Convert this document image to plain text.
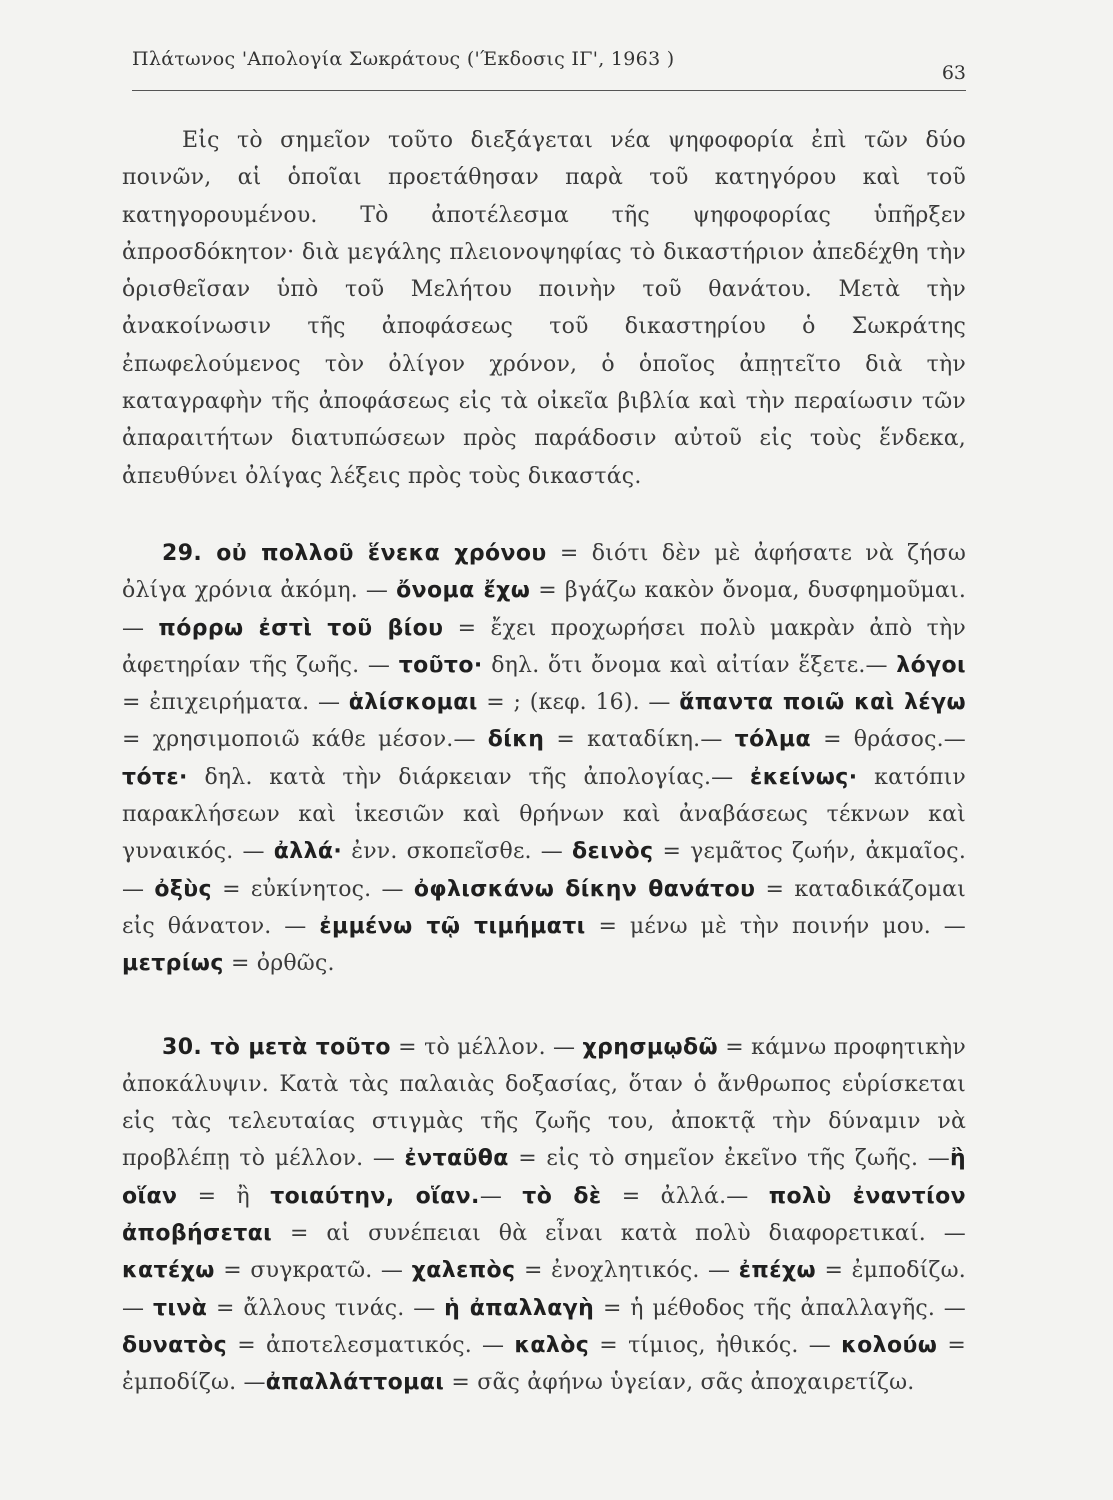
Πλάτωνος 'Απολογία Σωκράτους ('Έκδοσις ΙΓ', 1963 )
63

Εἰς τὸ σημεῖον τοῦτο διεξάγεται νέα ψηφοφορία ἐπὶ τῶν δύο ποινῶν, αἱ ὁποῖαι προετάθησαν παρὰ τοῦ κατηγόρου καὶ τοῦ κατηγορουμένου. Τὸ ἀποτέλεσμα τῆς ψηφοφορίας ὑπῆρξεν ἀπροσδόκητον· διὰ μεγάλης πλειονοψηφίας τὸ δικαστήριον ἀπεδέχθη τὴν ὁρισθεῖσαν ὑπὸ τοῦ Μελήτου ποινὴν τοῦ θανάτου. Μετὰ τὴν ἀνακοίνωσιν τῆς ἀποφάσεως τοῦ δικαστηρίου ὁ Σωκράτης ἐπωφελούμενος τὸν ὀλίγον χρόνον, ὁ ὁποῖος ἀπῃτεῖτο διὰ τὴν καταγραφὴν τῆς ἀποφάσεως εἰς τὰ οἰκεῖα βιβλία καὶ τὴν περαίωσιν τῶν ἀπαραιτήτων διατυπώσεων πρὸς παράδοσιν αὐτοῦ εἰς τοὺς ἕνδεκα, ἀπευθύνει ὀλίγας λέξεις πρὸς τοὺς δικαστάς.

29. οὐ πολλοῦ ἕνεκα χρόνου = διότι δὲν μὲ ἀφήσατε νὰ ζήσω ὀλίγα χρόνια ἀκόμη. — ὄνομα ἔχω = βγάζω κακὸν ὄνομα, δυσφημοῦμαι. — πόρρω ἐστὶ τοῦ βίου = ἔχει προχωρήσει πολὺ μακρὰν ἀπὸ τὴν ἀφετηρίαν τῆς ζωῆς. — τοῦτο· δηλ. ὅτι ὄνομα καὶ αἰτίαν ἕξετε.— λόγοι = ἐπιχειρήματα. — ἁλίσκομαι = ; (κεφ. 16). — ἅπαντα ποιῶ καὶ λέγω = χρησιμοποιῶ κάθε μέσον.— δίκη = καταδίκη.— τόλμα = θράσος.— τότε· δηλ. κατὰ τὴν διάρκειαν τῆς ἀπολογίας.— ἐκείνως· κατόπιν παρακλήσεων καὶ ἱκεσιῶν καὶ θρήνων καὶ ἀναβάσεως τέκνων καὶ γυναικός. — ἀλλά· ἐνν. σκοπεῖσθε. — δεινὸς = γεμᾶτος ζωήν, ἀκμαῖος. — ὀξὺς = εὐκίνητος. — ὀφλισκάνω δίκην θανάτου = καταδικάζομαι εἰς θάνατον. — ἐμμένω τῷ τιμήματι = μένω μὲ τὴν ποινήν μου. — μετρίως = ὀρθῶς.

30. τὸ μετὰ τοῦτο = τὸ μέλλον. — χρησμῳδῶ = κάμνω προφητικὴν ἀποκάλυψιν. Κατὰ τὰς παλαιὰς δοξασίας, ὅταν ὁ ἄνθρωπος εὑρίσκεται εἰς τὰς τελευταίας στιγμὰς τῆς ζωῆς του, ἀποκτᾷ τὴν δύναμιν νὰ προβλέπῃ τὸ μέλλον. — ἐνταῦθα = εἰς τὸ σημεῖον ἐκεῖνο τῆς ζωῆς. —ἢ οἵαν = ἢ τοιαύτην, οἵαν.— τὸ δὲ = ἀλλά.— πολὺ ἐναντίον ἀποβήσεται = αἱ συνέπειαι θὰ εἶναι κατὰ πολὺ διαφορετικαί. — κατέχω = συγκρατῶ. — χαλεπὸς = ἐνοχλητικός. — ἐπέχω = ἐμποδίζω. — τινὰ = ἄλλους τινάς. — ἡ ἀπαλλαγὴ = ἡ μέθοδος τῆς ἀπαλλαγῆς. — δυνατὸς = ἀποτελεσματικός. — καλὸς = τίμιος, ἠθικός. — κολούω = ἐμποδίζω. —ἀπαλλάττομαι = σᾶς ἀφήνω ὑγείαν, σᾶς ἀποχαιρετίζω.
